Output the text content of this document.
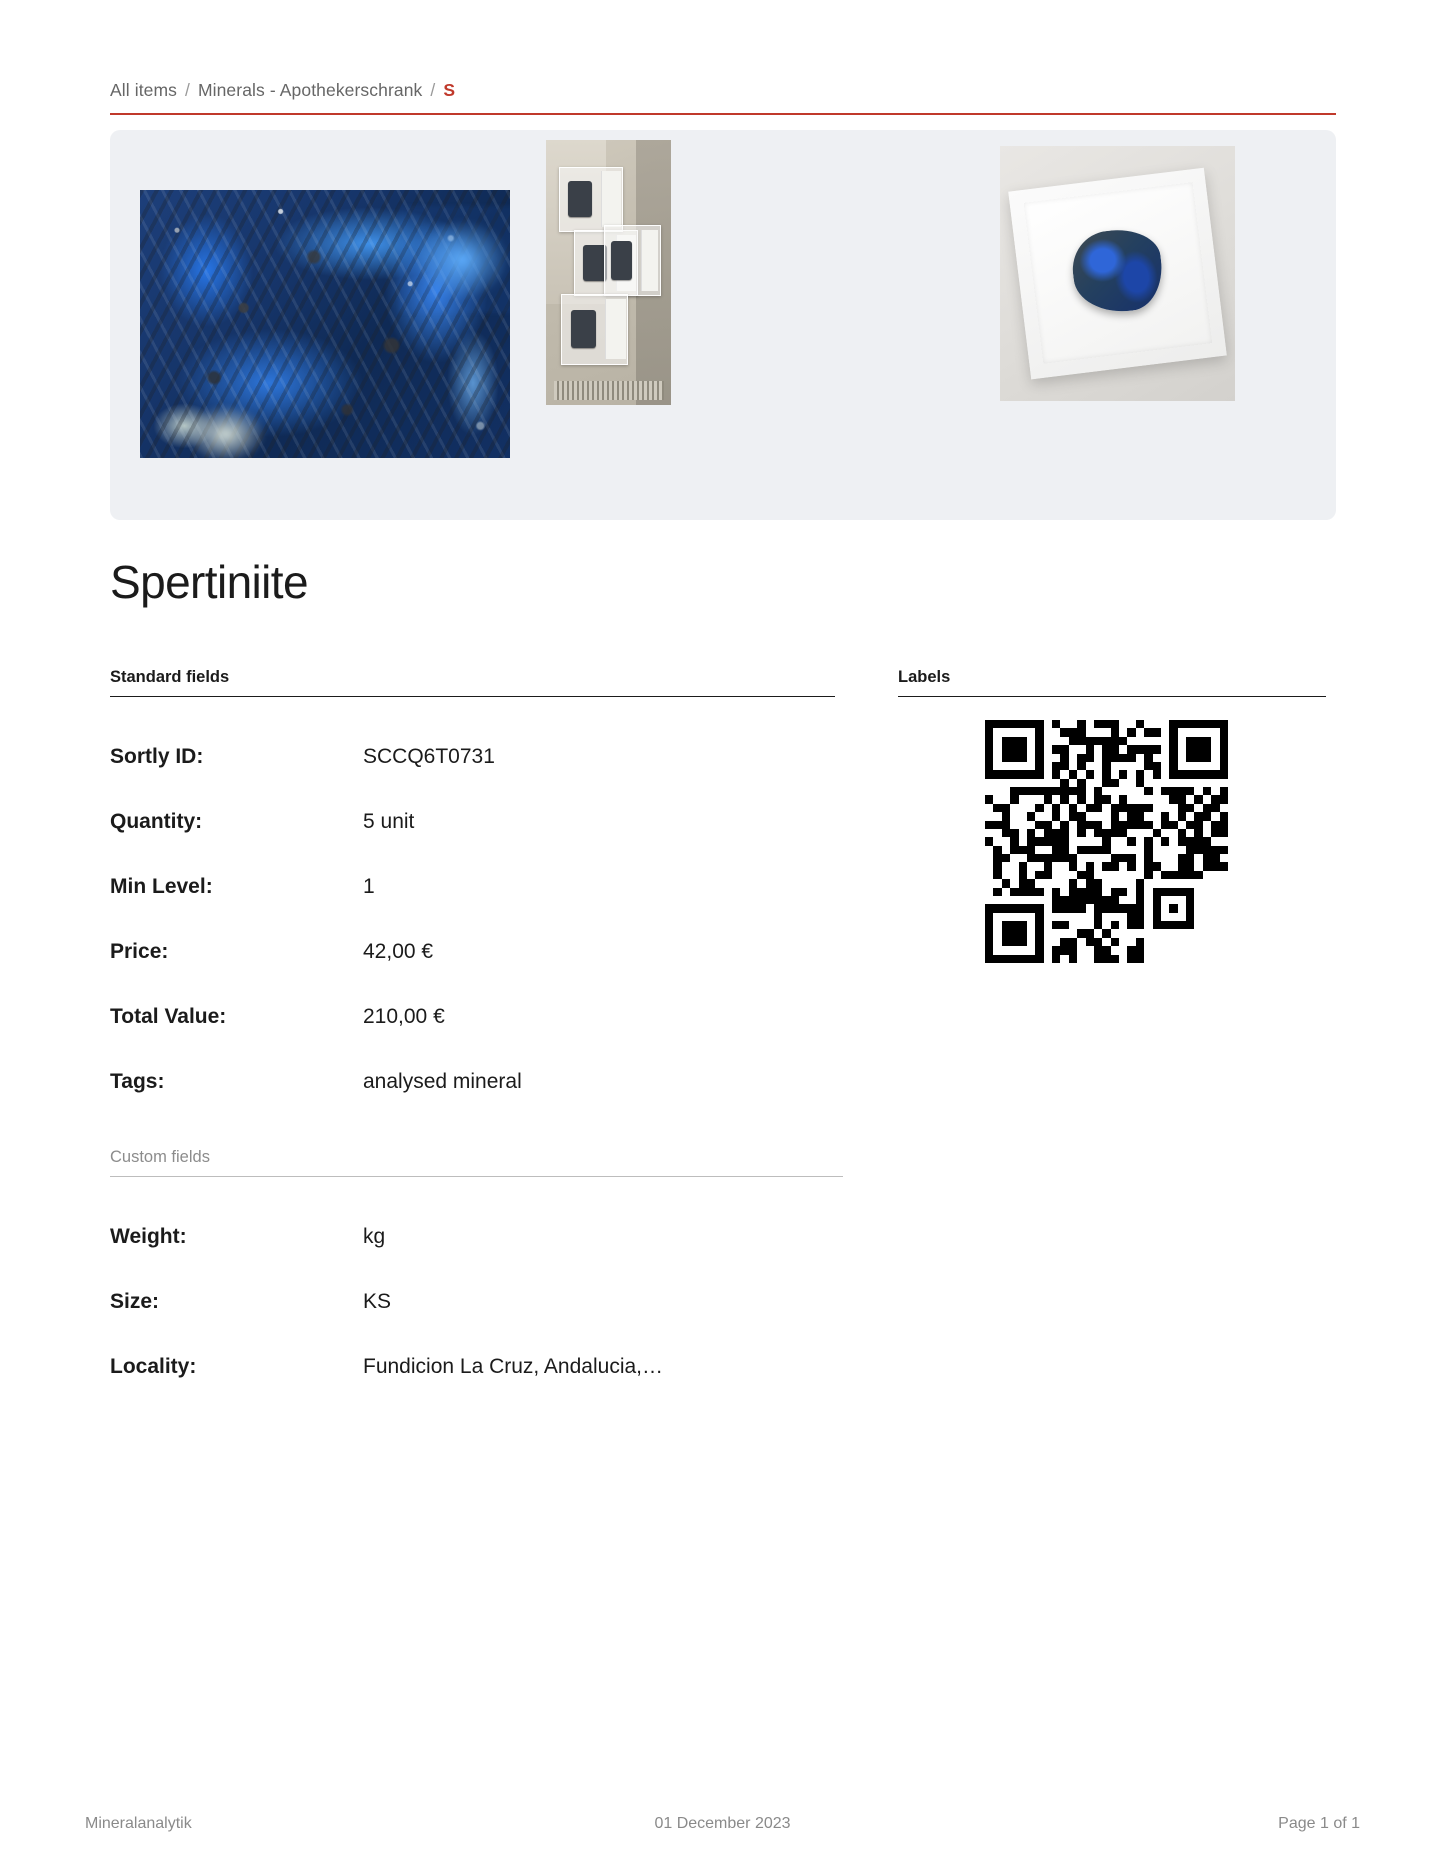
All items / Minerals - Apothekerschrank / S
Spertiniite
Standard fields	Labels
Sortly ID:	SCCQ6T0731
Quantity:	5 unit
Min Level:	1
Price:	42,00 €
Total Value:	210,00 €
Tags:	analysed mineral
Custom fields
Weight:	kg
Size:	KS
Locality:	Fundicion La Cruz, Andalucia,…
Mineralanalytik	01 December 2023	Page 1 of 1
